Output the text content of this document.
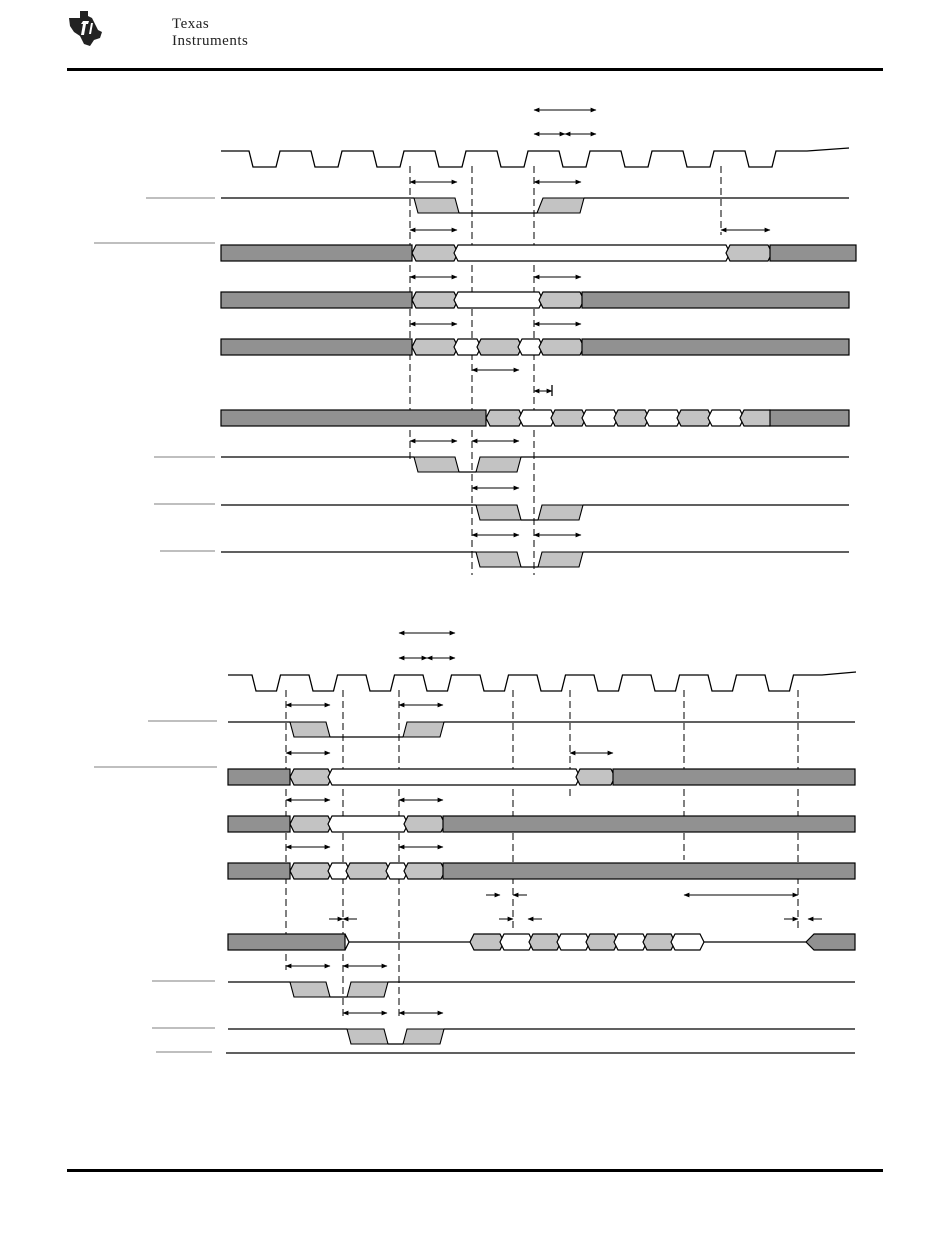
Texas
Instruments
